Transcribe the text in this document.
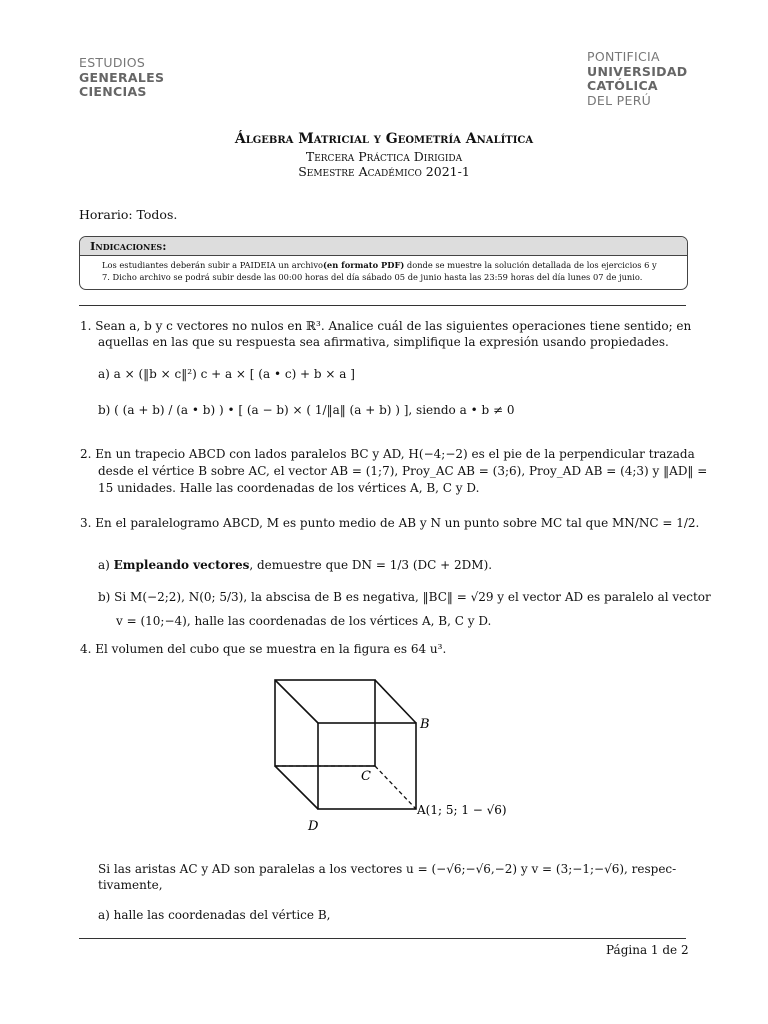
ESTUDIOS
GENERALES
CIENCIAS
PONTIFICIA
UNIVERSIDAD
CATÓLICA
DEL PERÚ
Álgebra Matricial y Geometría Analítica
Tercera Práctica Dirigida
Semestre Académico 2021-1
Horario: Todos.
Indicaciones:
Los estudiantes deberán subir a PAIDEIA un archivo(en formato PDF) donde se muestre la solución detallada de los ejercicios 6 y
7. Dicho archivo se podrá subir desde las 00:00 horas del día sábado 05 de junio hasta las 23:59 horas del día lunes 07 de junio.
1. Sean a, b y c vectores no nulos en ℝ³. Analice cuál de las siguientes operaciones tiene sentido; en
aquellas en las que su respuesta sea afirmativa, simplifique la expresión usando propiedades.
a) a × (‖b × c‖²) c + a × [ (a • c) + b × a ]
b) ( (a + b) / (a • b) ) • [ (a − b) × ( 1/‖a‖ (a + b) ) ], siendo a • b ≠ 0
2. En un trapecio ABCD con lados paralelos BC y AD, H(−4;−2) es el pie de la perpendicular trazada
desde el vértice B sobre AC, el vector AB = (1;7), Proy_AC AB = (3;6), Proy_AD AB = (4;3) y ‖AD‖ =
15 unidades. Halle las coordenadas de los vértices A, B, C y D.
3. En el paralelogramo ABCD, M es punto medio de AB y N un punto sobre MC tal que MN/NC = 1/2.
a) Empleando vectores, demuestre que DN = 1/3 (DC + 2DM).
b) Si M(−2;2), N(0; 5/3), la abscisa de B es negativa, ‖BC‖ = √29 y el vector AD es paralelo al vector
v = (10;−4), halle las coordenadas de los vértices A, B, C y D.
4. El volumen del cubo que se muestra en la figura es 64 u³.
B
C
D
A(1; 5; 1 − √6)
Si las aristas AC y AD son paralelas a los vectores u = (−√6;−√6,−2) y v = (3;−1;−√6), respec-
tivamente,
a) halle las coordenadas del vértice B,
Página 1 de 2
